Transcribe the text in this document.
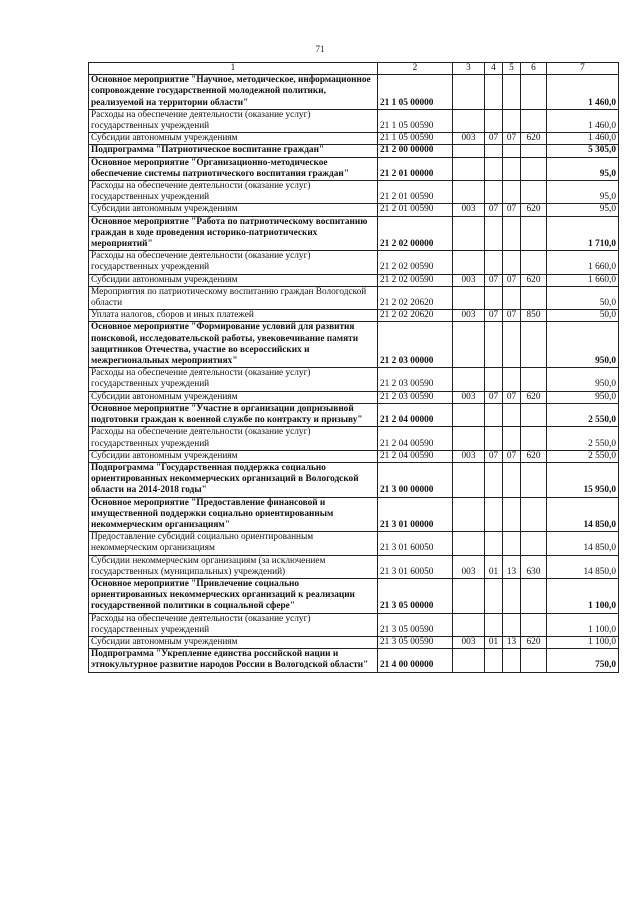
71
1	2	3	4	5	6	7
Основное мероприятие "Научное, методическое, информационное сопровождение государственной молодежной политики, реализуемой на территории области"	21 1 05 00000					1 460,0
Расходы на обеспечение деятельности (оказание услуг) государственных учреждений	21 1 05 00590					1 460,0
Субсидии автономным учреждениям	21 1 05 00590	003	07	07	620	1 460,0
Подпрограмма "Патриотическое воспитание граждан"	21 2 00 00000					5 305,0
Основное мероприятие "Организационно-методическое обеспечение системы патриотического воспитания граждан"	21 2 01 00000					95,0
Расходы на обеспечение деятельности (оказание услуг) государственных учреждений	21 2 01 00590					95,0
Субсидии автономным учреждениям	21 2 01 00590	003	07	07	620	95,0
Основное мероприятие "Работа по патриотическому воспитанию граждан в ходе проведения историко-патриотических мероприятий"	21 2 02 00000					1 710,0
Расходы на обеспечение деятельности (оказание услуг) государственных учреждений	21 2 02 00590					1 660,0
Субсидии автономным учреждениям	21 2 02 00590	003	07	07	620	1 660,0
Мероприятия по патриотическому воспитанию граждан Вологодской области	21 2 02 20620					50,0
Уплата налогов, сборов и иных платежей	21 2 02 20620	003	07	07	850	50,0
Основное мероприятие "Формирование условий для развития поисковой, исследовательской работы, увековечивание памяти защитников Отечества, участие во всероссийских и межрегиональных мероприятиях"	21 2 03 00000					950,0
Расходы на обеспечение деятельности (оказание услуг) государственных учреждений	21 2 03 00590					950,0
Субсидии автономным учреждениям	21 2 03 00590	003	07	07	620	950,0
Основное мероприятие "Участие в организации допризывной подготовки граждан к военной службе по контракту и призыву"	21 2 04 00000					2 550,0
Расходы на обеспечение деятельности (оказание услуг) государственных учреждений	21 2 04 00590					2 550,0
Субсидии автономным учреждениям	21 2 04 00590	003	07	07	620	2 550,0
Подпрограмма "Государственная поддержка социально ориентированных некоммерческих организаций в Вологодской области на 2014-2018 годы"	21 3 00 00000					15 950,0
Основное мероприятие "Предоставление финансовой и имущественной поддержки социально ориентированным некоммерческим организациям"	21 3 01 00000					14 850,0
Предоставление субсидий социально ориентированным некоммерческим организациям	21 3 01 60050					14 850,0
Субсидии некоммерческим организациям (за исключением государственных (муниципальных) учреждений)	21 3 01 60050	003	01	13	630	14 850,0
Основное мероприятие "Привлечение социально ориентированных некоммерческих организаций к реализации государственной политики в социальной сфере"	21 3 05 00000					1 100,0
Расходы на обеспечение деятельности (оказание услуг) государственных учреждений	21 3 05 00590					1 100,0
Субсидии автономным учреждениям	21 3 05 00590	003	01	13	620	1 100,0
Подпрограмма "Укрепление единства российской нации и этнокультурное развитие народов России в Вологодской области"	21 4 00 00000					750,0
